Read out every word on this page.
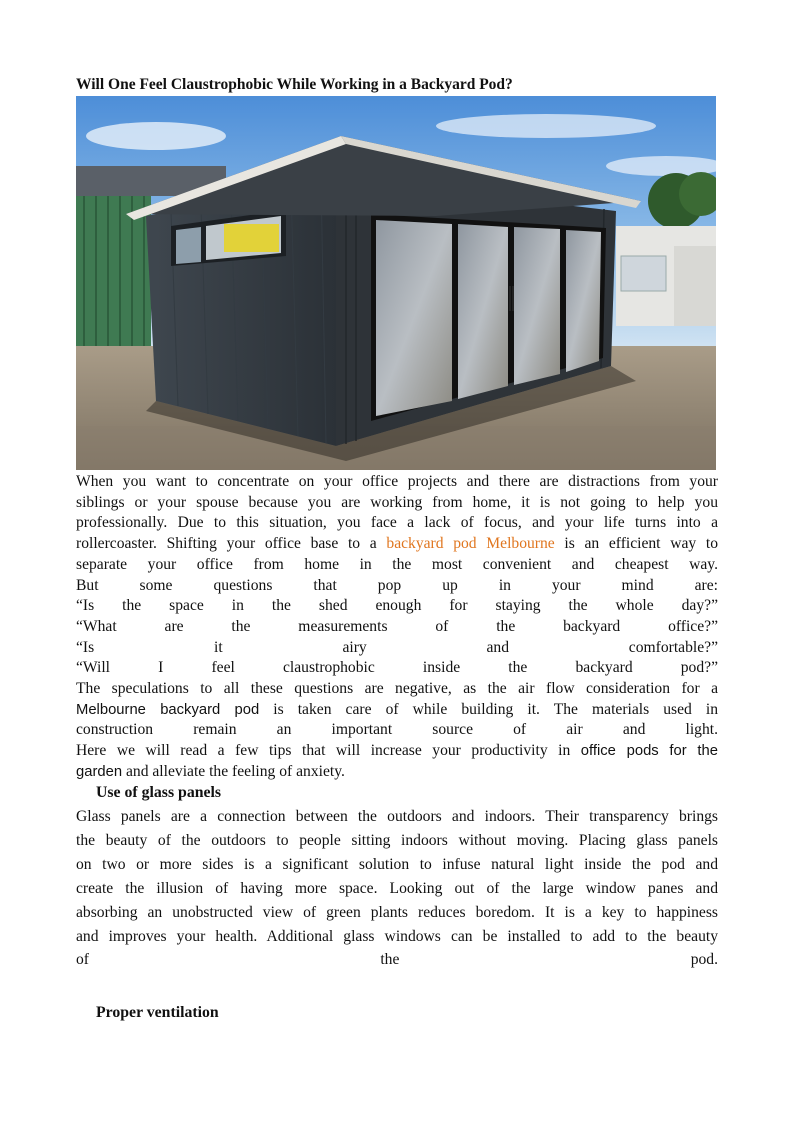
Will One Feel Claustrophobic While Working in a Backyard Pod?

When you want to concentrate on your office projects and there are distractions from your

siblings or your spouse because you are working from home, it is not going to help you

professionally. Due to this situation, you face a lack of focus, and your life turns into a

rollercoaster. Shifting your office base to a backyard pod Melbourne is an efficient way to

separate your office from home in the most convenient and cheapest way.

But some questions that pop up in your mind are:

“Is the space in the shed enough for staying the whole day?”

“What are the measurements of the backyard office?”

“Is it airy and comfortable?”

“Will I feel claustrophobic inside the backyard pod?”

The speculations to all these questions are negative, as the air flow consideration for a

Melbourne backyard pod is taken care of while building it. The materials used in

construction remain an important source of air and light.

Here we will read a few tips that will increase your productivity in office pods for the

garden and alleviate the feeling of anxiety.

Use of glass panels

Glass panels are a connection between the outdoors and indoors. Their transparency brings

the beauty of the outdoors to people sitting indoors without moving. Placing glass panels

on two or more sides is a significant solution to infuse natural light inside the pod and

create the illusion of having more space. Looking out of the large window panes and

absorbing an unobstructed view of green plants reduces boredom. It is a key to happiness

and improves your health. Additional glass windows can be installed to add to the beauty

of the pod.

Proper ventilation
